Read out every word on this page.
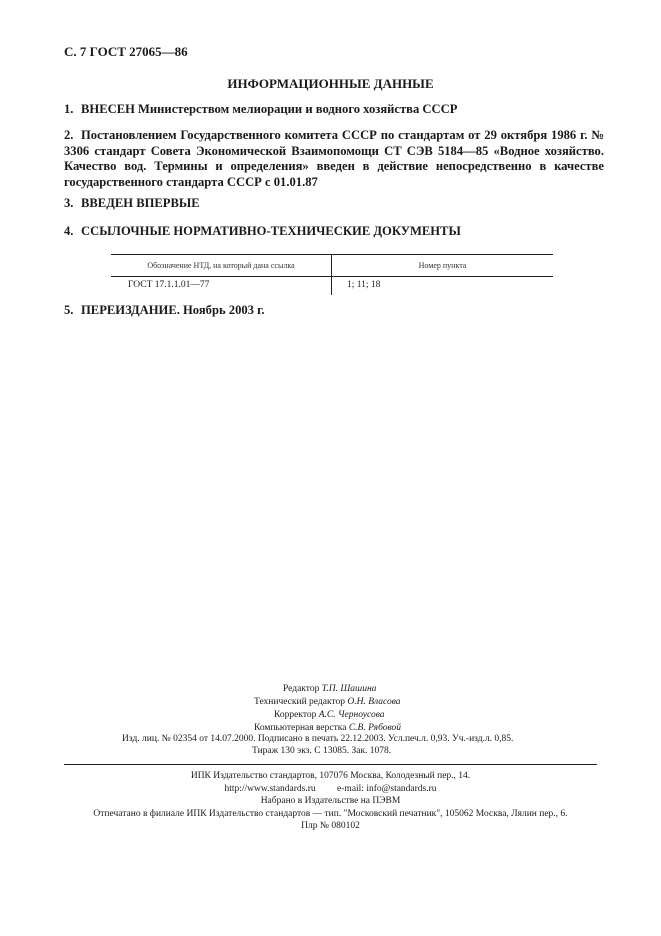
С. 7 ГОСТ 27065—86
ИНФОРМАЦИОННЫЕ ДАННЫЕ
1. ВНЕСЕН Министерством мелиорации и водного хозяйства СССР
2. Постановлением Государственного комитета СССР по стандартам от 29 октября 1986 г. № 3306 стандарт Совета Экономической Взаимопомощи СТ СЭВ 5184—85 «Водное хозяйство. Качество вод. Термины и определения» введен в действие непосредственно в качестве государственного стандарта СССР с 01.01.87
3. ВВЕДЕН ВПЕРВЫЕ
4. ССЫЛОЧНЫЕ НОРМАТИВНО-ТЕХНИЧЕСКИЕ ДОКУМЕНТЫ
Обозначение НТД, на который дана ссылка	Номер пункта
ГОСТ 17.1.1.01—77	1; 11; 18
5. ПЕРЕИЗДАНИЕ. Ноябрь 2003 г.
Редактор Т.П. Шашина
Технический редактор О.Н. Власова
Корректор А.С. Черноусова
Компьютерная верстка С.В. Рябовой
Изд. лиц. № 02354 от 14.07.2000. Подписано в печать 22.12.2003. Усл.печ.л. 0,93. Уч.-изд.л. 0,85.
Тираж 130 экз. С 13085. Зак. 1078.
ИПК Издательство стандартов, 107076 Москва, Колодезный пер., 14.
http://www.standards.ru e-mail: info@standards.ru
Набрано в Издательстве на ПЭВМ
Отпечатано в филиале ИПК Издательство стандартов — тип. "Московский печатник", 105062 Москва, Лялин пер., 6.
Плр № 080102
